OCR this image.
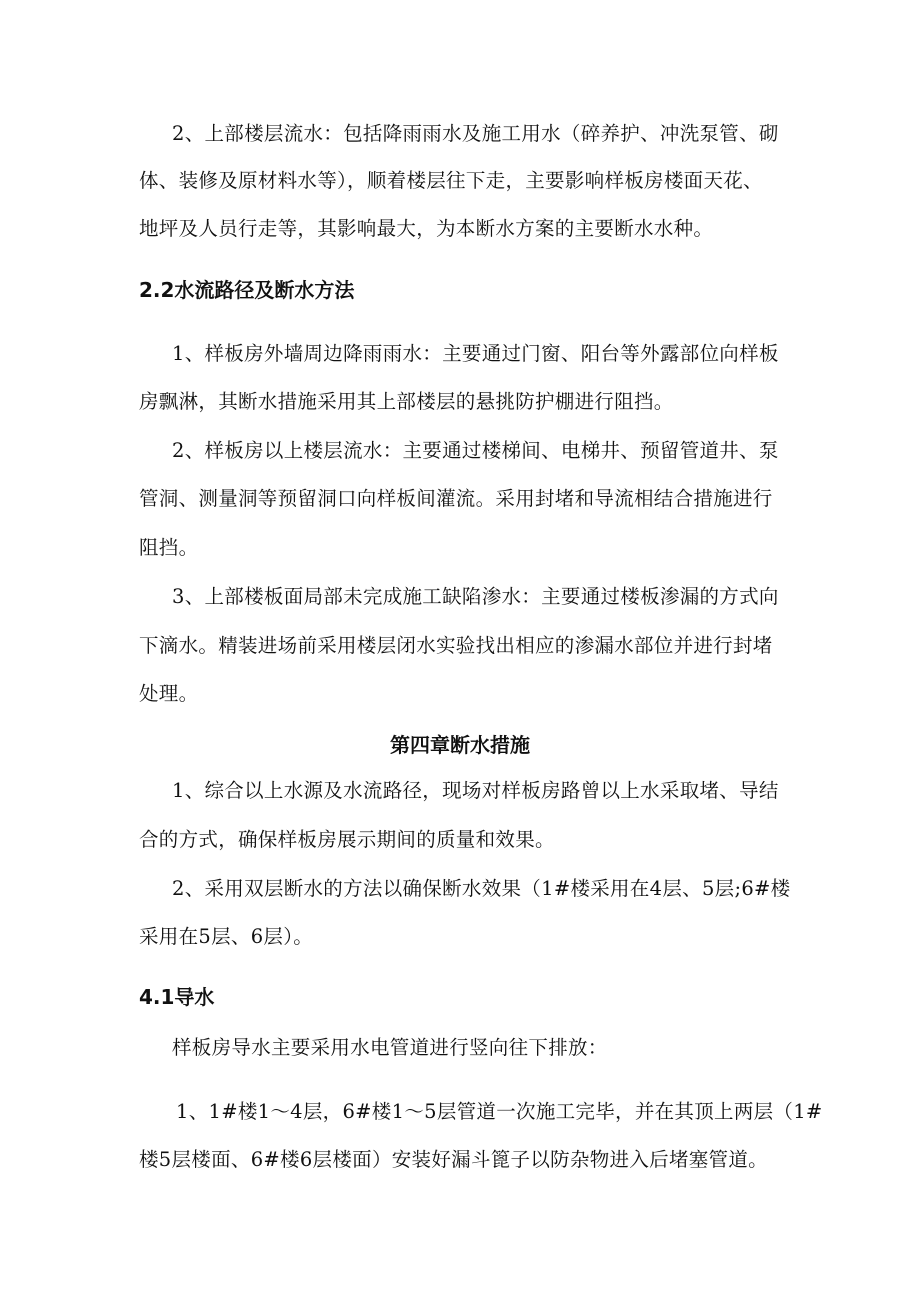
2、上部楼层流水：包括降雨雨水及施工用水（碎养护、冲洗泵管、砌
体、装修及原材料水等），顺着楼层往下走，主要影响样板房楼面天花、
地坪及人员行走等，其影响最大，为本断水方案的主要断水水种。
2.2水流路径及断水方法
1、样板房外墙周边降雨雨水：主要通过门窗、阳台等外露部位向样板
房飘淋，其断水措施采用其上部楼层的悬挑防护棚进行阻挡。
2、样板房以上楼层流水：主要通过楼梯间、电梯井、预留管道井、泵
管洞、测量洞等预留洞口向样板间灌流。采用封堵和导流相结合措施进行
阻挡。
3、上部楼板面局部未完成施工缺陷渗水：主要通过楼板渗漏的方式向
下滴水。精装进场前采用楼层闭水实验找出相应的渗漏水部位并进行封堵
处理。
第四章断水措施
1、综合以上水源及水流路径，现场对样板房路曾以上水采取堵、导结
合的方式，确保样板房展示期间的质量和效果。
2、采用双层断水的方法以确保断水效果（1#楼采用在4层、5层;6#楼
采用在5层、6层）。
4.1导水
样板房导水主要采用水电管道进行竖向往下排放：
1、1#楼1～4层，6#楼1～5层管道一次施工完毕，并在其顶上两层（1#
楼5层楼面、6#楼6层楼面）安装好漏斗篦子以防杂物进入后堵塞管道。
